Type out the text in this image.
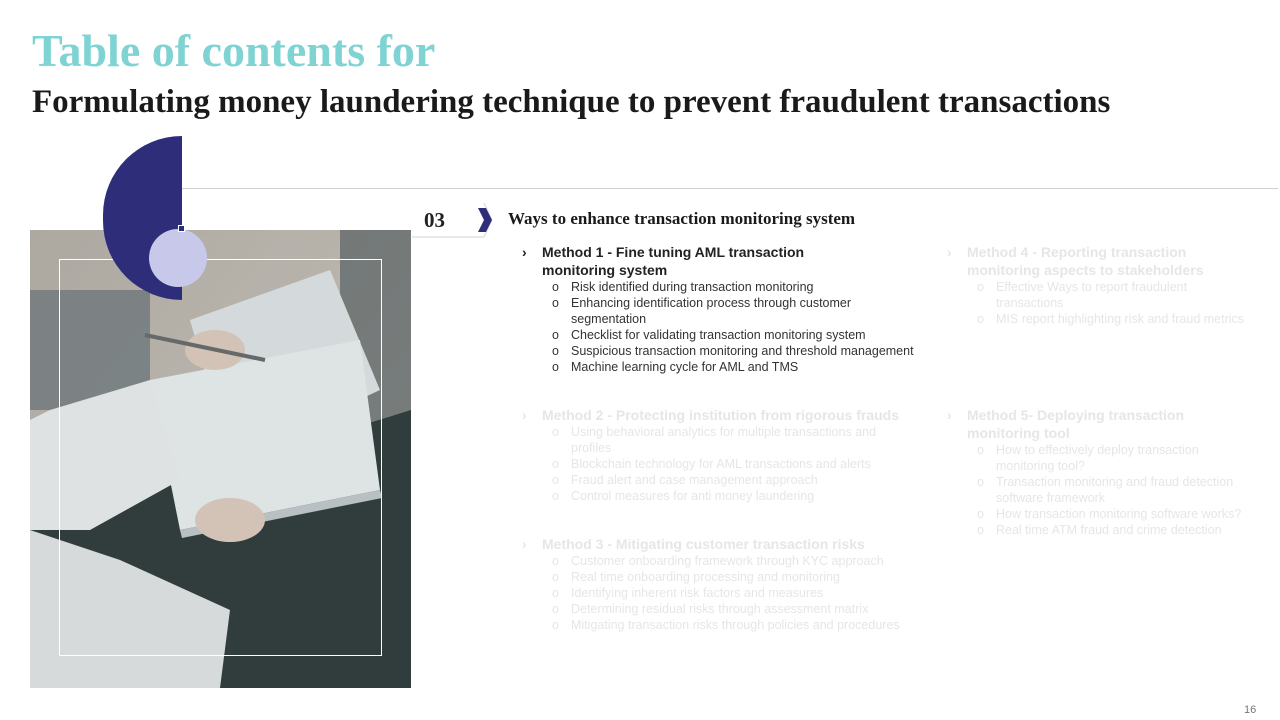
Table of contents for
Formulating money laundering technique to prevent fraudulent transactions
03	Ways to enhance transaction monitoring system
› Method 1 - Fine tuning AML transaction monitoring system
o Risk identified during transaction monitoring
o Enhancing identification process through customer segmentation
o Checklist for validating transaction monitoring system
o Suspicious transaction monitoring and threshold management
o Machine learning cycle for AML and TMS
› Method 2 - Protecting institution from rigorous frauds
o Using behavioral analytics for multiple transactions and profiles
o Blockchain technology for AML transactions and alerts
o Fraud alert and case management approach
o Control measures for anti money laundering
› Method 3 - Mitigating customer transaction risks
o Customer onboarding framework through KYC approach
o Real time onboarding processing and monitoring
o Identifying inherent risk factors and measures
o Determining residual risks through assessment matrix
o Mitigating transaction risks through policies and procedures
› Method 4 - Reporting transaction monitoring aspects to stakeholders
o Effective Ways to report fraudulent transactions
o MIS report highlighting risk and fraud metrics
› Method 5- Deploying transaction monitoring tool
o How to effectively deploy transaction monitoring tool?
o Transaction monitoring and fraud detection software framework
o How transaction monitoring software works?
o Real time ATM fraud and crime detection
16
